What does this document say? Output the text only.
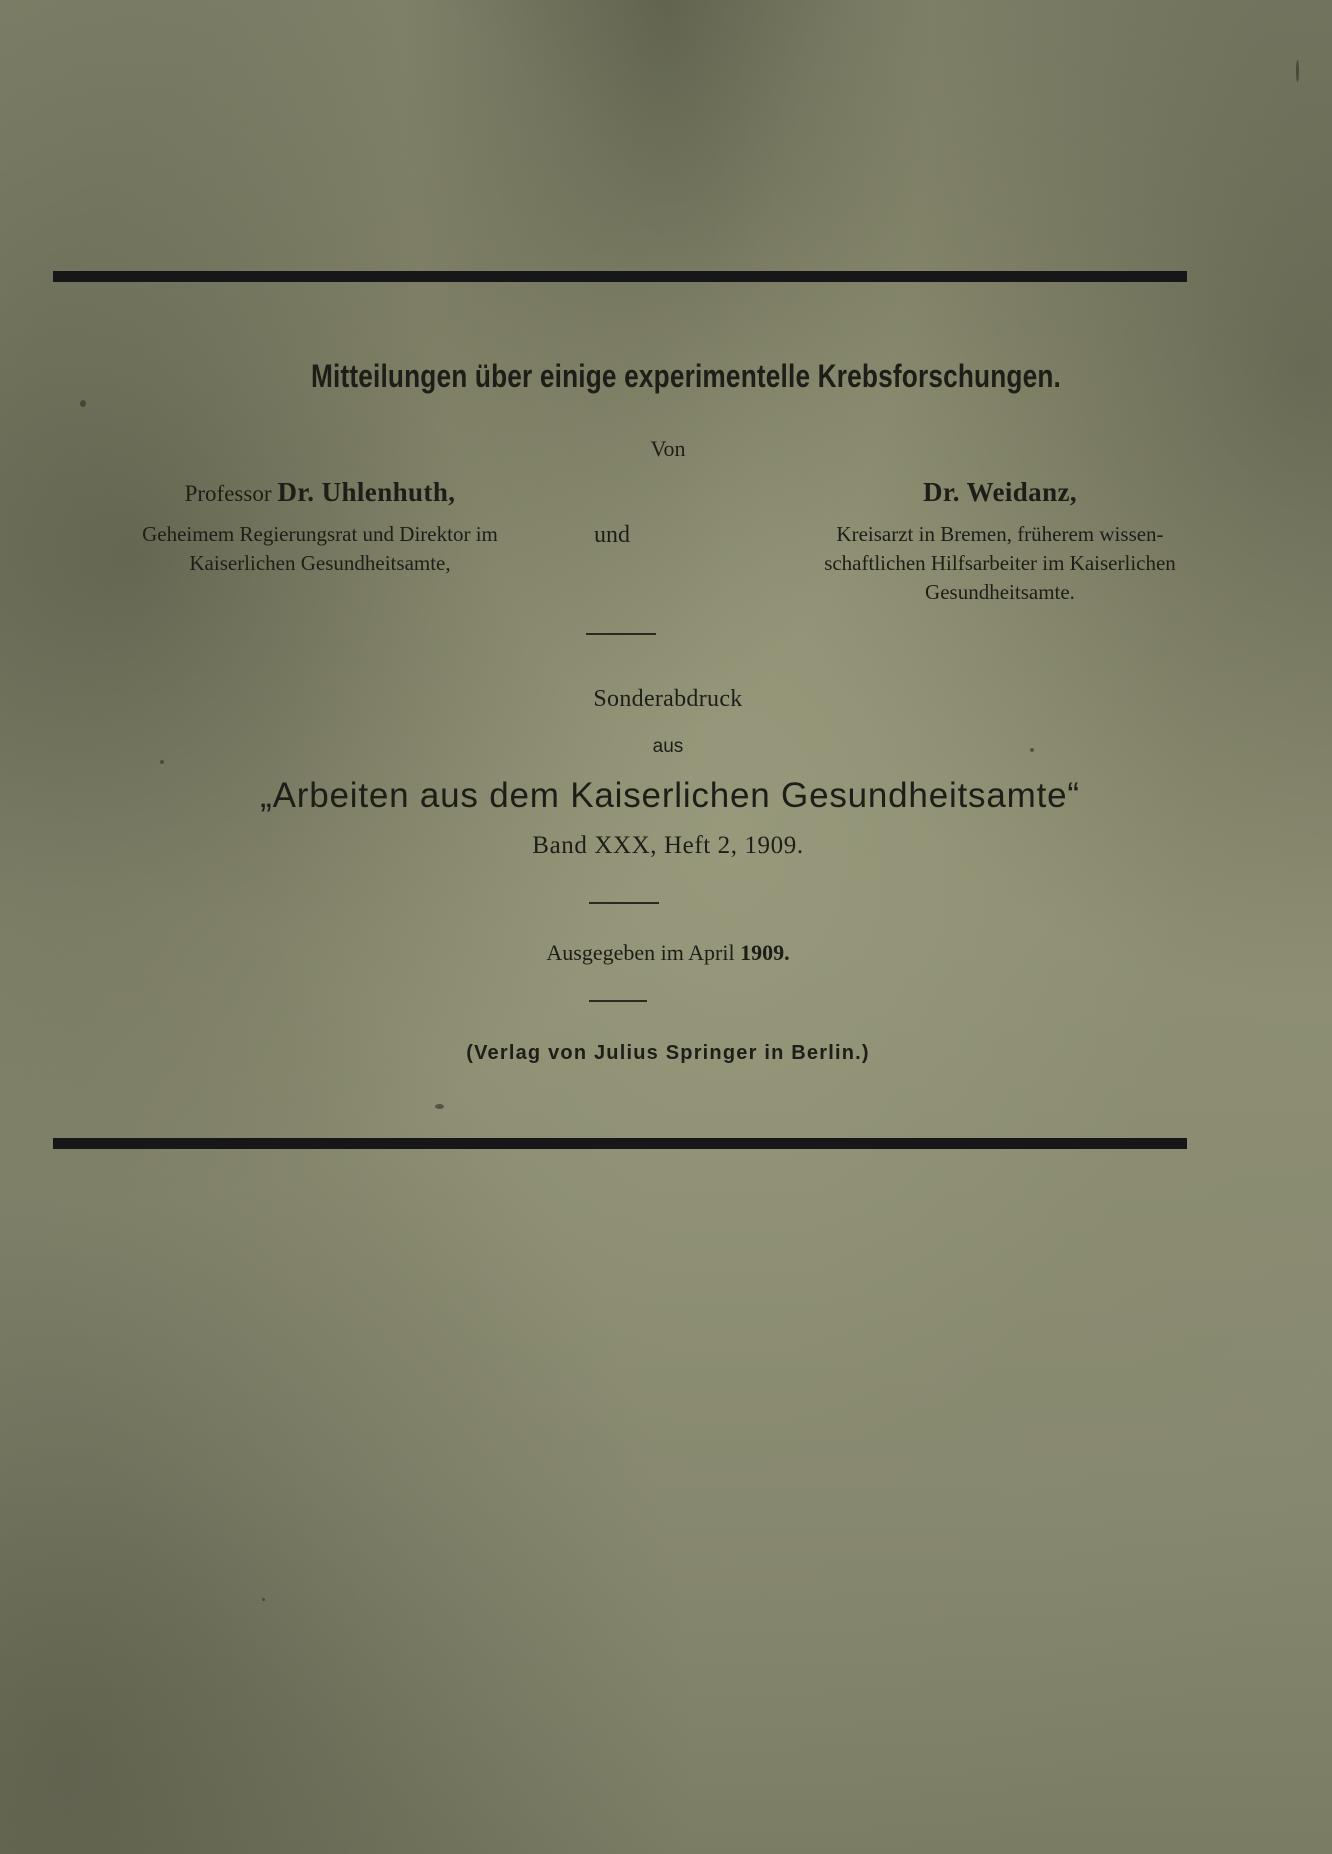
Mitteilungen über einige experimentelle Krebsforschungen.
Von
Professor Dr. Uhlenhuth,
Geheimem Regierungsrat und Direktor im
Kaiserlichen Gesundheitsamte,
und
Dr. Weidanz,
Kreisarzt in Bremen, früherem wissen-
schaftlichen Hilfsarbeiter im Kaiserlichen
Gesundheitsamte.
Sonderabdruck
aus
„Arbeiten aus dem Kaiserlichen Gesundheitsamte“
Band XXX, Heft 2, 1909.
Ausgegeben im April 1909.
(Verlag von Julius Springer in Berlin.)
